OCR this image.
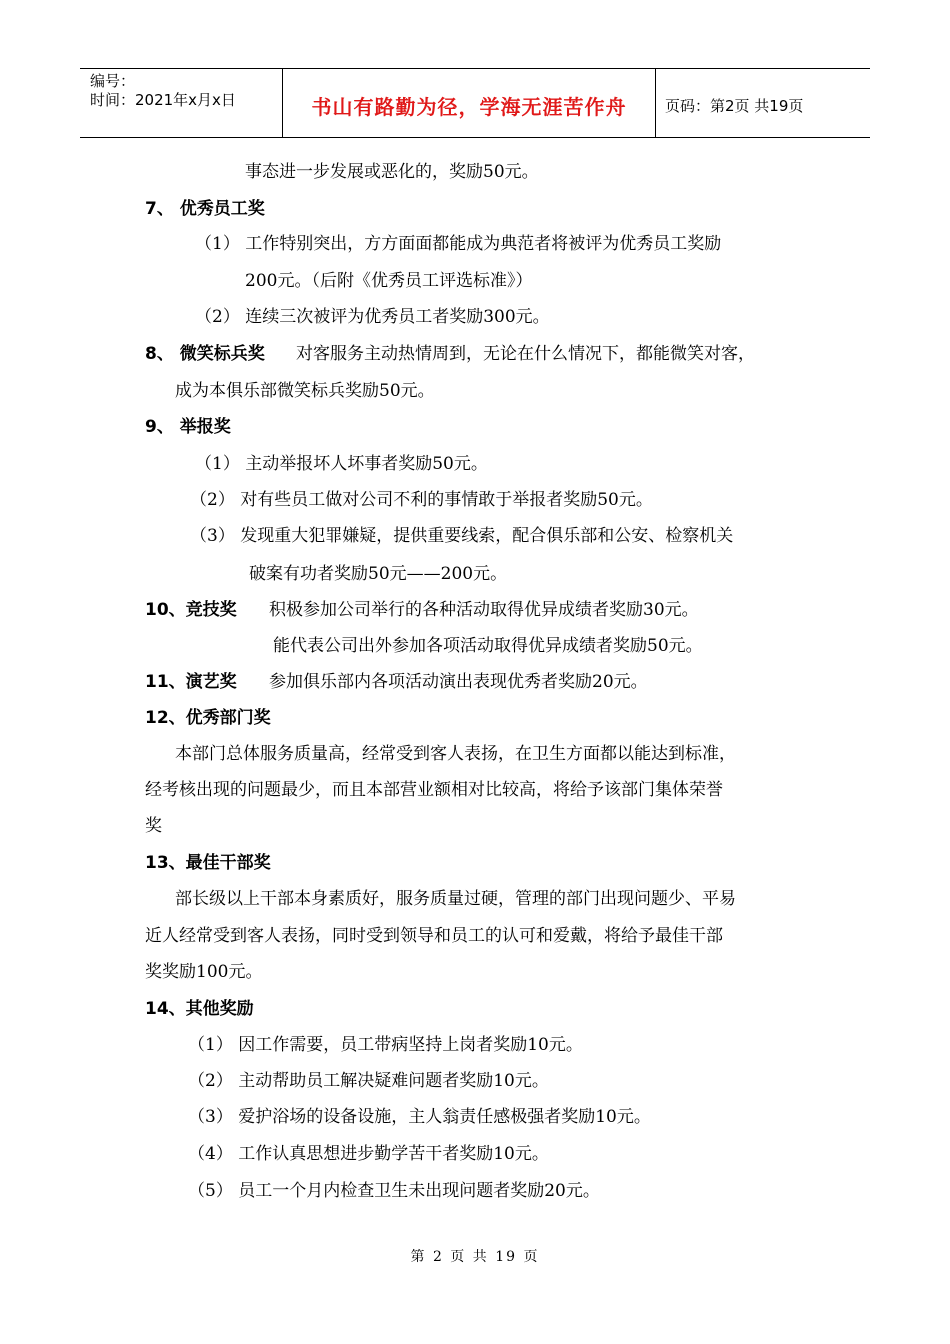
编号：
时间：2021年x月x日	书山有路勤为径，学海无涯苦作舟	页码：第2页 共19页
事态进一步发展或恶化的，奖励50元。
7、 优秀员工奖
（1） 工作特别突出，方方面面都能成为典范者将被评为优秀员工奖励
200元。（后附《优秀员工评选标准》）
（2） 连续三次被评为优秀员工者奖励300元。
8、 微笑标兵奖 对客服务主动热情周到，无论在什么情况下，都能微笑对客，
成为本俱乐部微笑标兵奖励50元。
9、 举报奖
（1） 主动举报坏人坏事者奖励50元。
（2） 对有些员工做对公司不利的事情敢于举报者奖励50元。
（3） 发现重大犯罪嫌疑，提供重要线索，配合俱乐部和公安、检察机关
破案有功者奖励50元——200元。
10、竞技奖 积极参加公司举行的各种活动取得优异成绩者奖励30元。
能代表公司出外参加各项活动取得优异成绩者奖励50元。
11、演艺奖 参加俱乐部内各项活动演出表现优秀者奖励20元。
12、优秀部门奖
本部门总体服务质量高，经常受到客人表扬，在卫生方面都以能达到标准，
经考核出现的问题最少，而且本部营业额相对比较高，将给予该部门集体荣誉
奖
13、最佳干部奖
部长级以上干部本身素质好，服务质量过硬，管理的部门出现问题少、平易
近人经常受到客人表扬，同时受到领导和员工的认可和爱戴，将给予最佳干部
奖奖励100元。
14、其他奖励
（1） 因工作需要，员工带病坚持上岗者奖励10元。
（2） 主动帮助员工解决疑难问题者奖励10元。
（3） 爱护浴场的设备设施，主人翁责任感极强者奖励10元。
（4） 工作认真思想进步勤学苦干者奖励10元。
（5） 员工一个月内检查卫生未出现问题者奖励20元。
第 2 页 共 19 页
